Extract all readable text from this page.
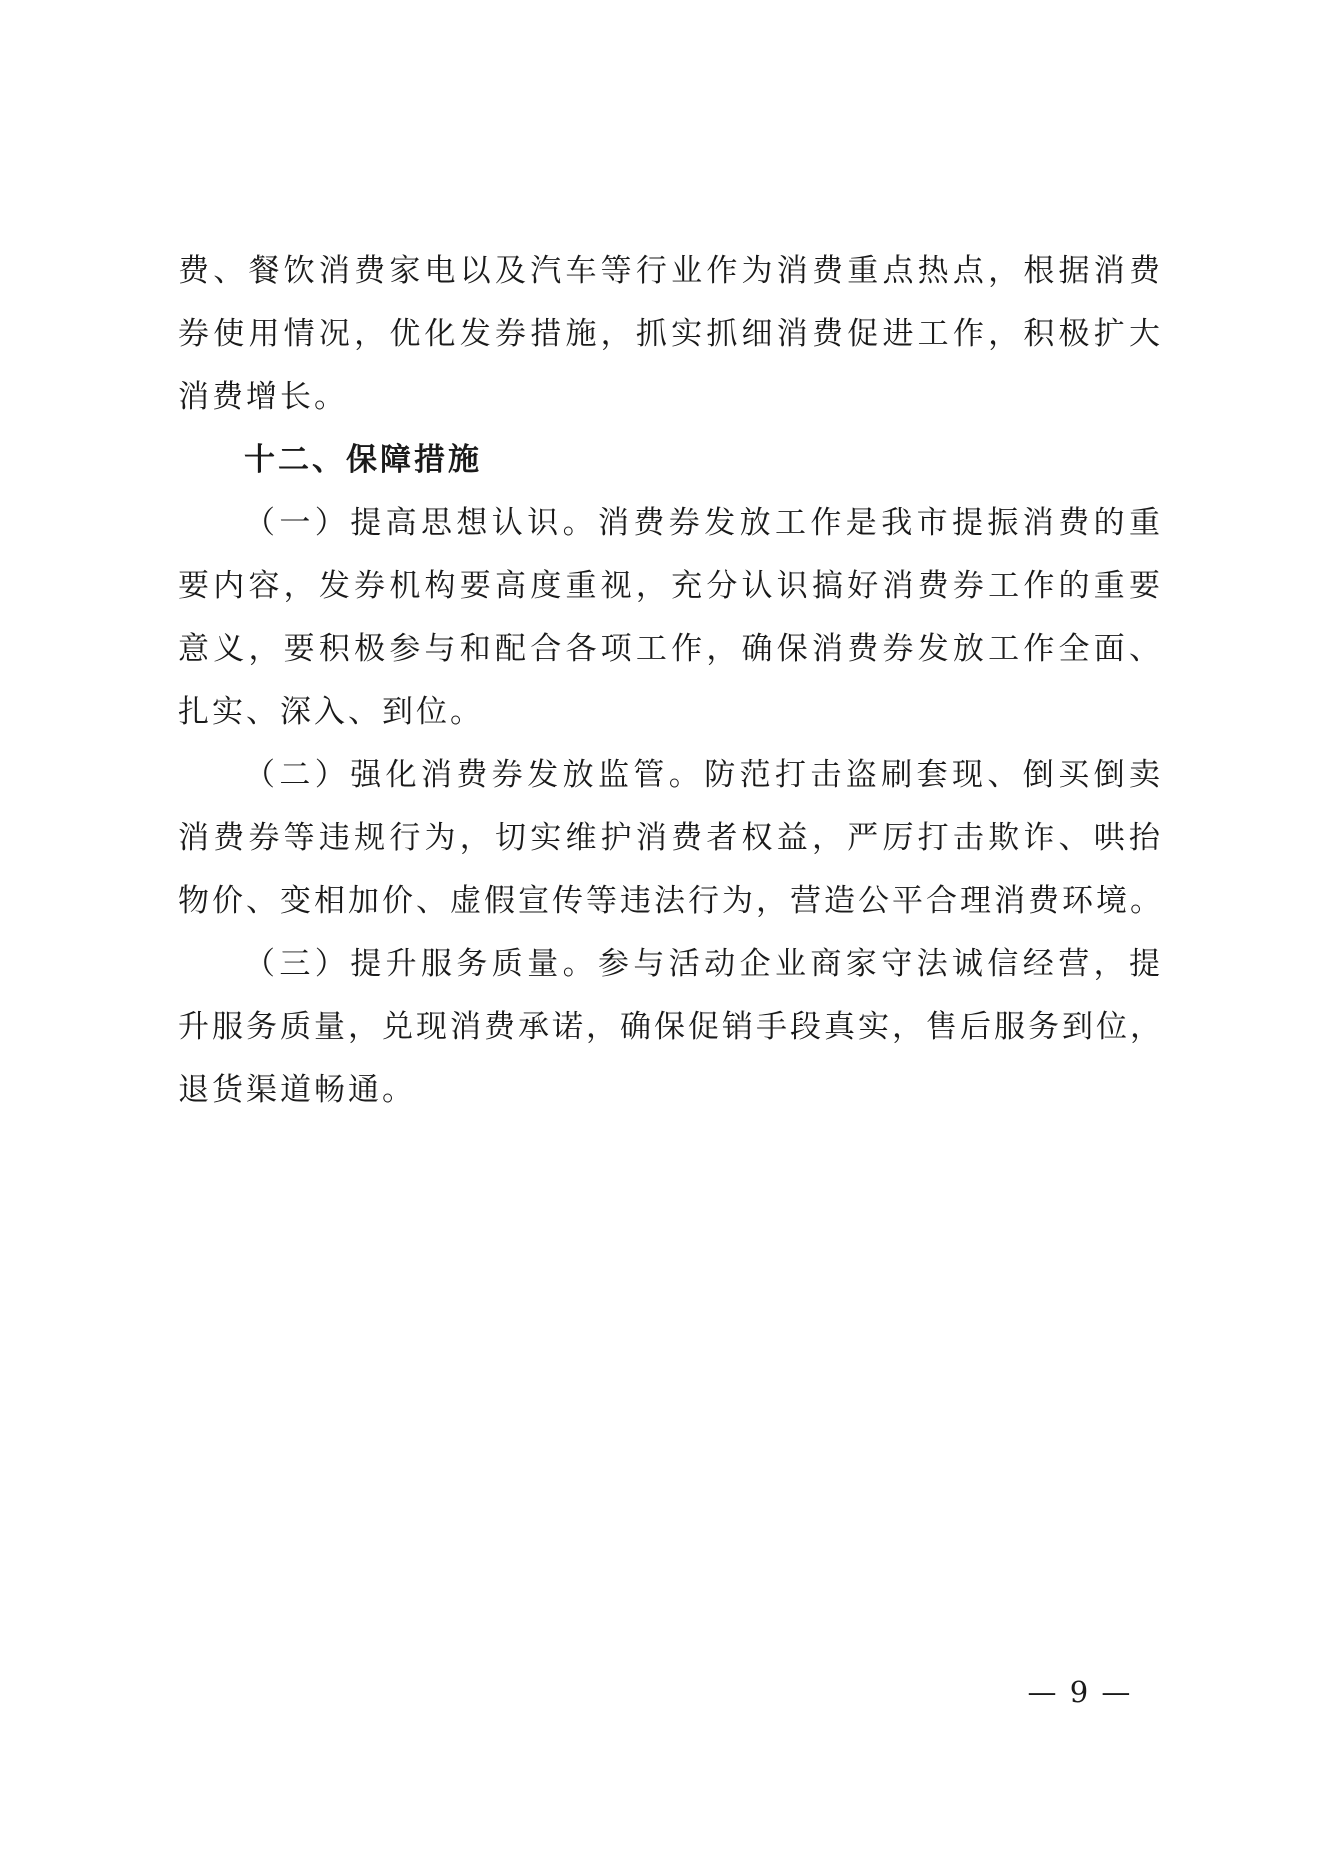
费、餐饮消费家电以及汽车等行业作为消费重点热点，根据消费
券使用情况，优化发券措施，抓实抓细消费促进工作，积极扩大
消费增长。
十二、保障措施
（一）提高思想认识。消费券发放工作是我市提振消费的重
要内容，发券机构要高度重视，充分认识搞好消费券工作的重要
意义，要积极参与和配合各项工作，确保消费券发放工作全面、
扎实、深入、到位。
（二）强化消费券发放监管。防范打击盗刷套现、倒买倒卖
消费券等违规行为，切实维护消费者权益，严厉打击欺诈、哄抬
物价、变相加价、虚假宣传等违法行为，营造公平合理消费环境。
（三）提升服务质量。参与活动企业商家守法诚信经营，提
升服务质量，兑现消费承诺，确保促销手段真实，售后服务到位，
退货渠道畅通。
— 9 —
